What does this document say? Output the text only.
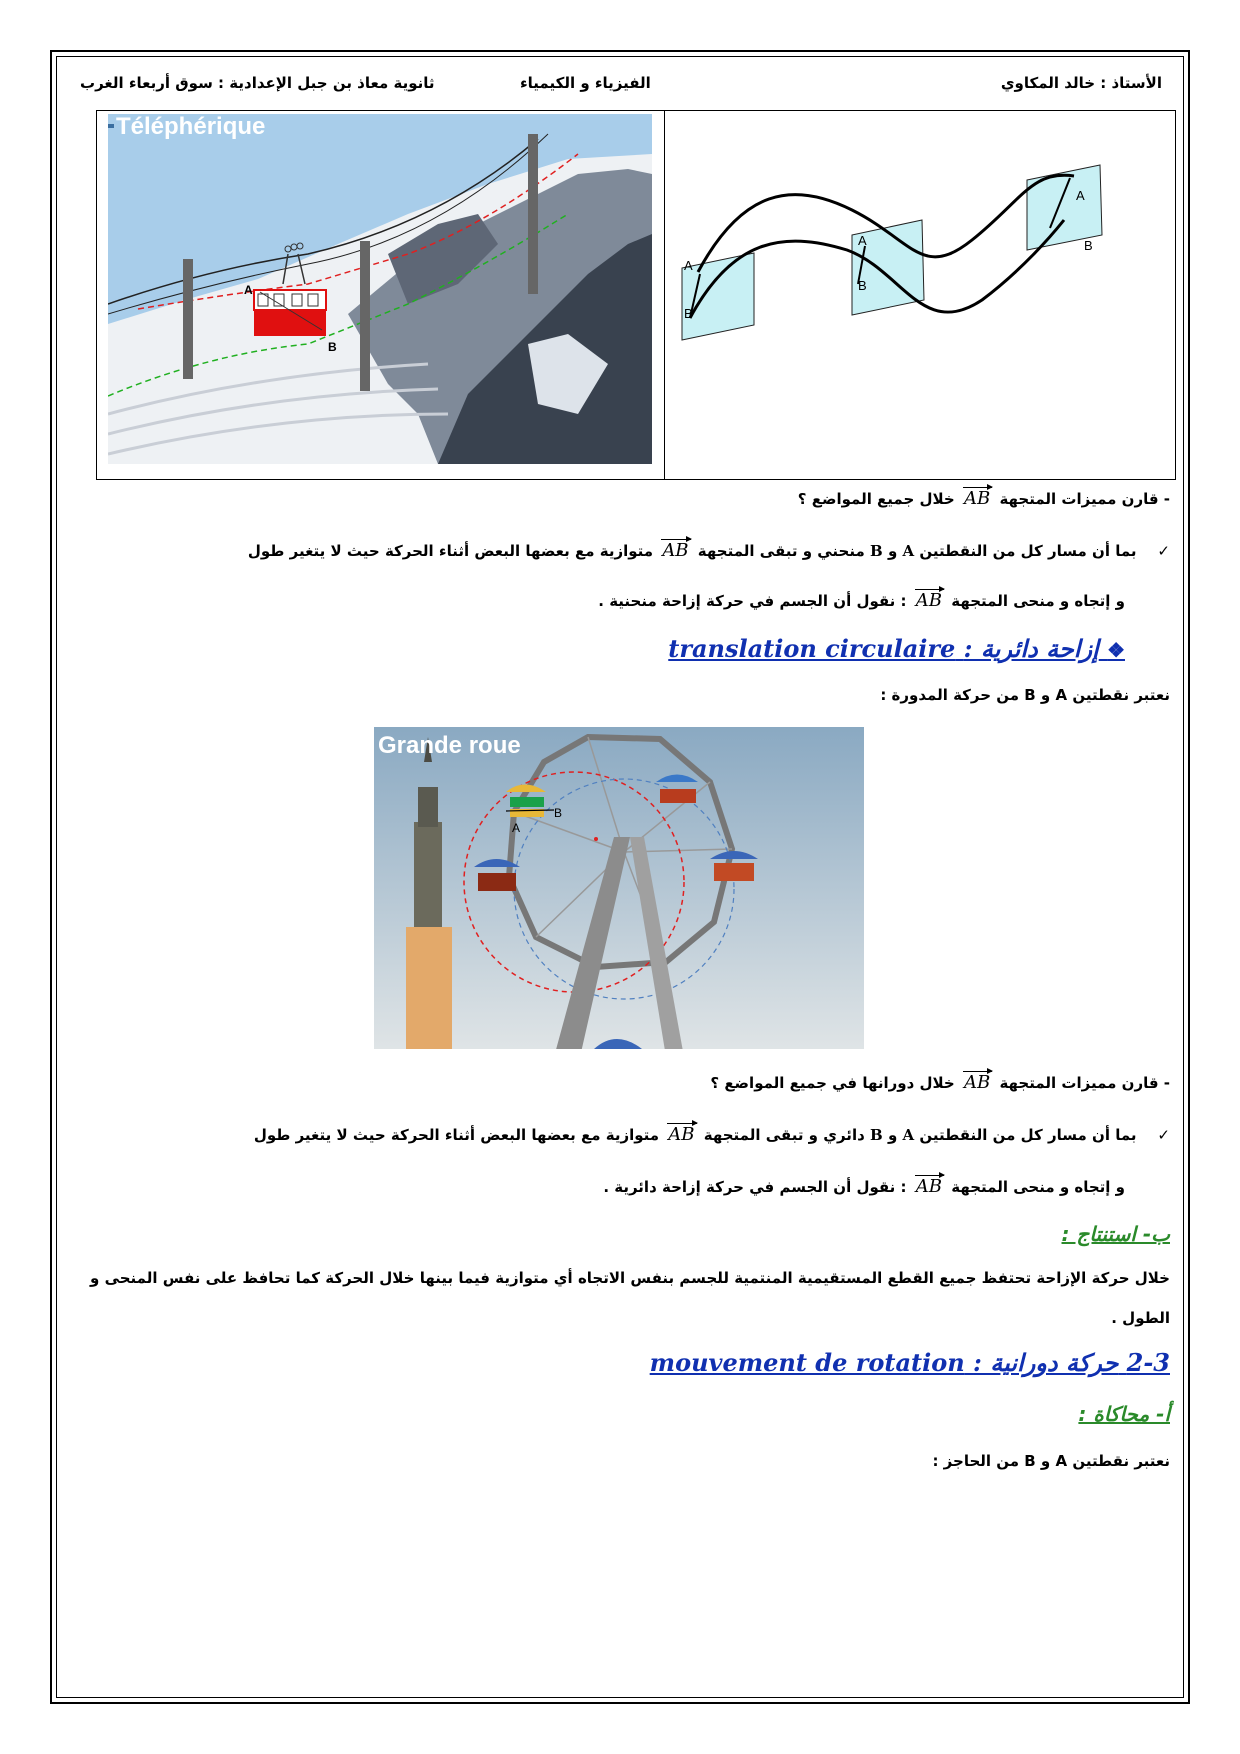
الأستاذ : خالد المكاوي
الفيزياء و الكيمياء
ثانوية معاذ بن جبل الإعدادية : سوق أربعاء الغرب
A
B
Téléphérique
A
B
A
B
A
B
- قارن مميزات المتجهة AB خلال جميع المواضع ؟
✓    بما أن مسار كل من النقطتين A و B منحني و تبقى المتجهة AB متوازية مع بعضها البعض أثناء الحركة حيث لا يتغير طول
و إتجاه و منحى المتجهة AB : نقول أن الجسم في حركة إزاحة منحنية .
❖ إزاحة دائرية : translation circulaire
نعتبر نقطتين A و B من حركة المدورة :
A
B
Grande roue
- قارن مميزات المتجهة AB خلال دورانها في جميع المواضع ؟
✓    بما أن مسار كل من النقطتين A و B دائري و تبقى المتجهة AB متوازية مع بعضها البعض أثناء الحركة حيث لا يتغير طول
و إتجاه و منحى المتجهة AB : نقول أن الجسم في حركة إزاحة دائرية .
ب- استنتاج :
خلال حركة الإزاحة تحتفظ جميع القطع المستقيمية المنتمية للجسم بنفس الاتجاه أي متوازية فيما بينها خلال الحركة كما تحافظ على نفس المنحى و الطول .
2-3 حركة دورانية : mouvement de rotation
أ- محاكاة :
نعتبر نقطتين A و B من الحاجز :
